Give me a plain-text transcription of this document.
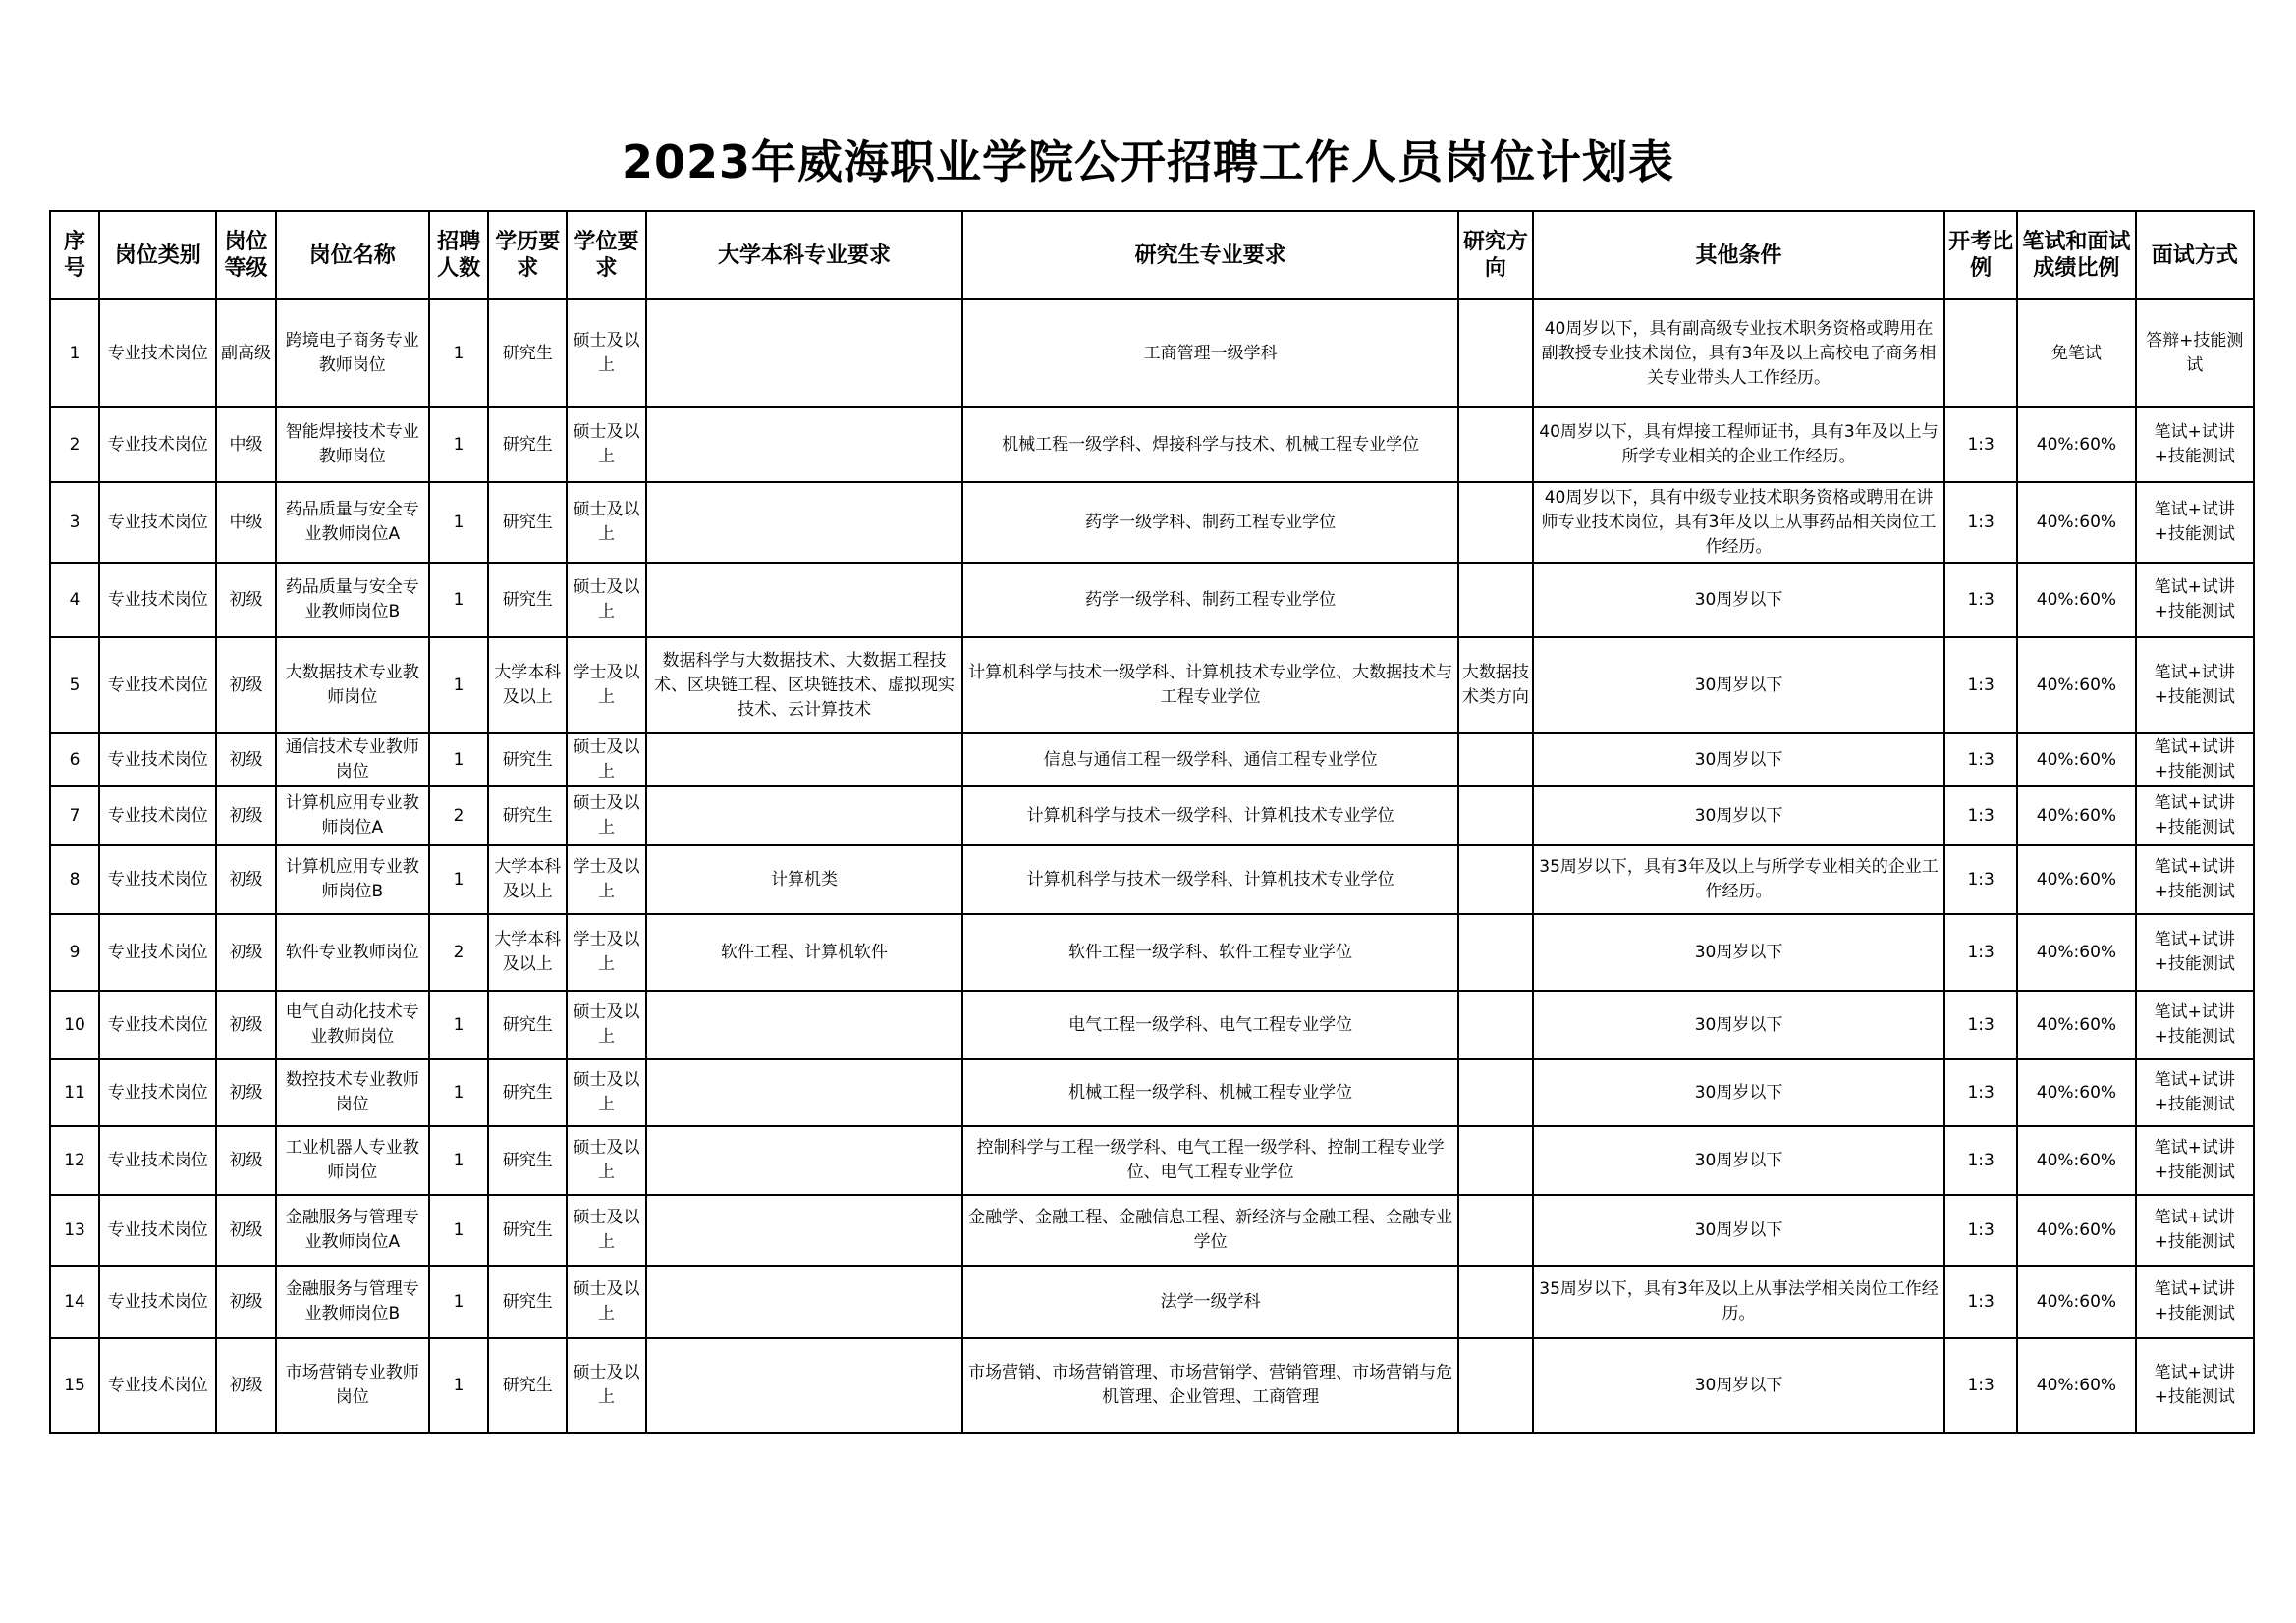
2023年威海职业学院公开招聘工作人员岗位计划表
序号	岗位类别	岗位等级	岗位名称	招聘人数	学历要求	学位要求	大学本科专业要求	研究生专业要求	研究方向	其他条件	开考比例	笔试和面试成绩比例	面试方式
1	专业技术岗位	副高级	跨境电子商务专业教师岗位	1	研究生	硕士及以上		工商管理一级学科		40周岁以下，具有副高级专业技术职务资格或聘用在副教授专业技术岗位，具有3年及以上高校电子商务相关专业带头人工作经历。		免笔试	答辩+技能测试
2	专业技术岗位	中级	智能焊接技术专业教师岗位	1	研究生	硕士及以上		机械工程一级学科、焊接科学与技术、机械工程专业学位		40周岁以下，具有焊接工程师证书，具有3年及以上与所学专业相关的企业工作经历。	1:3	40%:60%	笔试+试讲+技能测试
3	专业技术岗位	中级	药品质量与安全专业教师岗位A	1	研究生	硕士及以上		药学一级学科、制药工程专业学位		40周岁以下，具有中级专业技术职务资格或聘用在讲师专业技术岗位，具有3年及以上从事药品相关岗位工作经历。	1:3	40%:60%	笔试+试讲+技能测试
4	专业技术岗位	初级	药品质量与安全专业教师岗位B	1	研究生	硕士及以上		药学一级学科、制药工程专业学位		30周岁以下	1:3	40%:60%	笔试+试讲+技能测试
5	专业技术岗位	初级	大数据技术专业教师岗位	1	大学本科及以上	学士及以上	数据科学与大数据技术、大数据工程技术、区块链工程、区块链技术、虚拟现实技术、云计算技术	计算机科学与技术一级学科、计算机技术专业学位、大数据技术与工程专业学位	大数据技术类方向	30周岁以下	1:3	40%:60%	笔试+试讲+技能测试
6	专业技术岗位	初级	通信技术专业教师岗位	1	研究生	硕士及以上		信息与通信工程一级学科、通信工程专业学位		30周岁以下	1:3	40%:60%	笔试+试讲+技能测试
7	专业技术岗位	初级	计算机应用专业教师岗位A	2	研究生	硕士及以上		计算机科学与技术一级学科、计算机技术专业学位		30周岁以下	1:3	40%:60%	笔试+试讲+技能测试
8	专业技术岗位	初级	计算机应用专业教师岗位B	1	大学本科及以上	学士及以上	计算机类	计算机科学与技术一级学科、计算机技术专业学位		35周岁以下，具有3年及以上与所学专业相关的企业工作经历。	1:3	40%:60%	笔试+试讲+技能测试
9	专业技术岗位	初级	软件专业教师岗位	2	大学本科及以上	学士及以上	软件工程、计算机软件	软件工程一级学科、软件工程专业学位		30周岁以下	1:3	40%:60%	笔试+试讲+技能测试
10	专业技术岗位	初级	电气自动化技术专业教师岗位	1	研究生	硕士及以上		电气工程一级学科、电气工程专业学位		30周岁以下	1:3	40%:60%	笔试+试讲+技能测试
11	专业技术岗位	初级	数控技术专业教师岗位	1	研究生	硕士及以上		机械工程一级学科、机械工程专业学位		30周岁以下	1:3	40%:60%	笔试+试讲+技能测试
12	专业技术岗位	初级	工业机器人专业教师岗位	1	研究生	硕士及以上		控制科学与工程一级学科、电气工程一级学科、控制工程专业学位、电气工程专业学位		30周岁以下	1:3	40%:60%	笔试+试讲+技能测试
13	专业技术岗位	初级	金融服务与管理专业教师岗位A	1	研究生	硕士及以上		金融学、金融工程、金融信息工程、新经济与金融工程、金融专业学位		30周岁以下	1:3	40%:60%	笔试+试讲+技能测试
14	专业技术岗位	初级	金融服务与管理专业教师岗位B	1	研究生	硕士及以上		法学一级学科		35周岁以下，具有3年及以上从事法学相关岗位工作经历。	1:3	40%:60%	笔试+试讲+技能测试
15	专业技术岗位	初级	市场营销专业教师岗位	1	研究生	硕士及以上		市场营销、市场营销管理、市场营销学、营销管理、市场营销与危机管理、企业管理、工商管理		30周岁以下	1:3	40%:60%	笔试+试讲+技能测试
